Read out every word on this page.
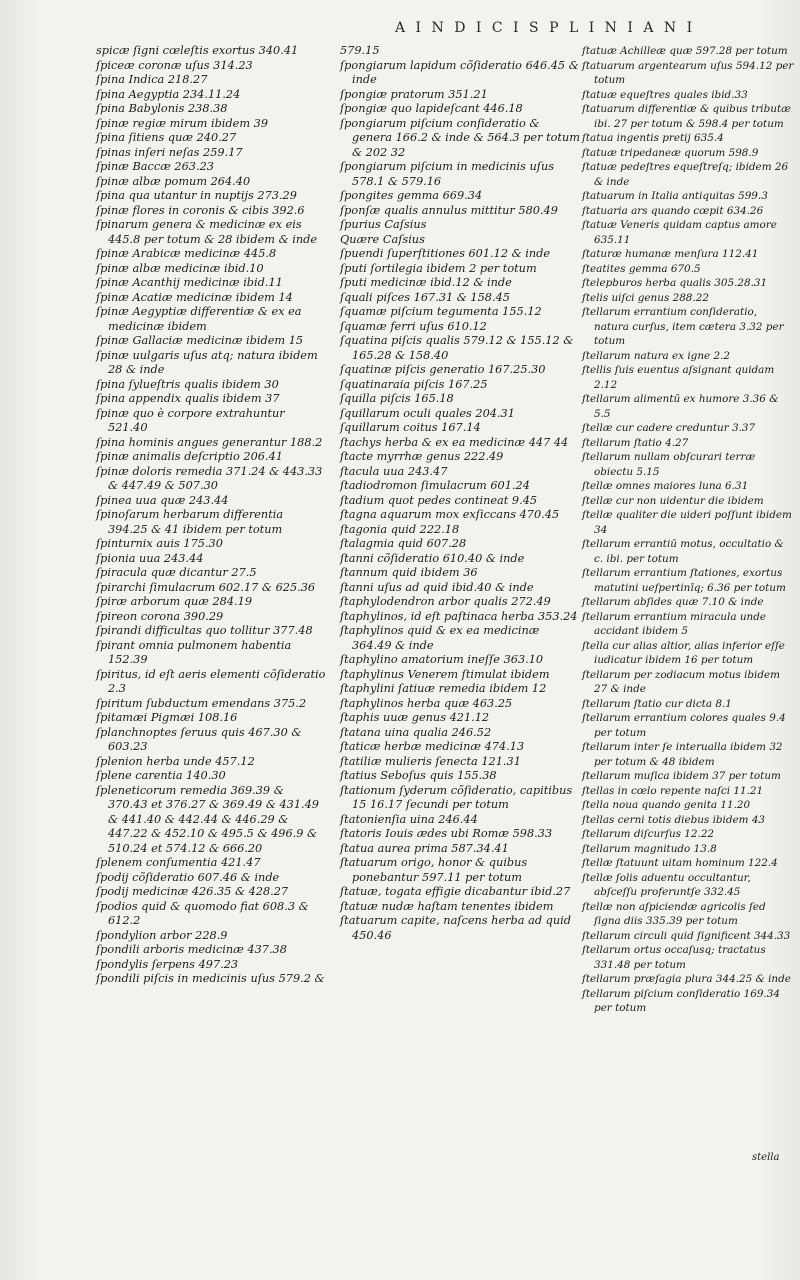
A I N D I C I S P L I N I A N I

spicæ ſigni cœleſtis exortus 340.41

ſpiceæ coronæ uſus 314.23

ſpina Indica 218.27

ſpina Aegyptia 234.11.24

ſpina Babylonis 238.38

ſpinæ regiæ mirum ibidem 39

ſpina ſitiens quæ 240.27

ſpinas inſeri neſas 259.17

ſpinæ Baccæ 263.23

ſpinæ albæ pomum 264.40

ſpina qua utantur in nuptijs 273.29

ſpinæ flores in coronis & cibis 392.6

ſpinarum genera & medicinæ ex eis 445.8 per totum & 28 ibidem & inde

ſpinæ Arabicæ medicinæ 445.8

ſpinæ albæ medicinæ ibid.10

ſpinæ Acanthij medicinæ ibid.11

ſpinæ Acatiæ medicinæ ibidem 14

ſpinæ Aegyptiæ differentiæ & ex ea medicinæ ibidem

ſpinæ Gallaciæ medicinæ ibidem 15

ſpinæ uulgaris uſus atq; natura ibidem 28 & inde

ſpina ſylueſtris qualis ibidem 30

ſpina appendix qualis ibidem 37

ſpinæ quo è corpore extrahuntur 521.40

ſpina hominis angues generantur 188.2

ſpinæ animalis deſcriptio 206.41

ſpinæ doloris remedia 371.24 & 443.33 & 447.49 & 507.30

ſpinea uua quæ 243.44

ſpinoſarum herbarum differentia 394.25 & 41 ibidem per totum

ſpinturnix auis 175.30

ſpionia uua 243.44

ſpiracula quæ dicantur 27.5

ſpirarchi ſimulacrum 602.17 & 625.36

ſpiræ arborum quæ 284.19

ſpireon corona 390.29

ſpirandi difficultas quo tollitur 377.48

ſpirant omnia pulmonem habentia 152.39

ſpiritus, id eſt aeris elementi cõſideratio 2.3

ſpiritum ſubductum emendans 375.2

ſpitamæi Pigmæi 108.16

ſplanchnoptes ſeruus quis 467.30 & 603.23

ſplenion herba unde 457.12

ſplene carentia 140.30

ſpleneticorum remedia 369.39 & 370.43 et 376.27 & 369.49 & 431.49 & 441.40 & 442.44 & 446.29 & 447.22 & 452.10 & 495.5 & 496.9 & 510.24 et 574.12 & 666.20

ſplenem conſumentia 421.47

ſpodij cõſideratio 607.46 & inde

ſpodij medicinæ 426.35 & 428.27

ſpodios quid & quomodo fiat 608.3 & 612.2

ſpondylion arbor 228.9

ſpondili arboris medicinæ 437.38

ſpondylis ſerpens 497.23

ſpondili piſcis in medicinis uſus 579.2 &

579.15

ſpongiarum lapidum cõſideratio 646.45 & inde

ſpongiæ pratorum 351.21

ſpongiæ quo lapideſcant 446.18

ſpongiarum piſcium conſideratio & genera 166.2 & inde & 564.3 per totum & 202 32

ſpongiarum piſcium in medicinis uſus 578.1 & 579.16

ſpongites gemma 669.34

ſponſæ qualis annulus mittitur 580.49

ſpurius Caſsius

Quære Caſsius

ſpuendi ſuperſtitiones 601.12 & inde

ſputi ſortilegia ibidem 2 per totum

ſputi medicinæ ibid.12 & inde

ſquali piſces 167.31 & 158.45

ſquamæ piſcium tegumenta 155.12

ſquamæ ferri uſus 610.12

ſquatina piſcis qualis 579.12 & 155.12 & 165.28 & 158.40

ſquatinæ piſcis generatio 167.25.30

ſquatinaraia piſcis 167.25

ſquilla piſcis 165.18

ſquillarum oculi quales 204.31

ſquillarum coitus 167.14

ſtachys herba & ex ea medicinæ 447 44

ſtacte myrrhæ genus 222.49

ſtacula uua 243.47

ſtadiodromon ſimulacrum 601.24

ſtadium quot pedes contineat 9.45

ſtagna aquarum mox exſiccans 470.45

ſtagonia quid 222.18

ſtalagmia quid 607.28

ſtanni cõſideratio 610.40 & inde

ſtannum quid ibidem 36

ſtanni uſus ad quid ibid.40 & inde

ſtaphylodendron arbor qualis 272.49

ſtaphylinos, id eſt paſtinaca herba 353.24

ſtaphylinos quid & ex ea medicinæ 364.49 & inde

ſtaphylino amatorium ineſſe 363.10

ſtaphylinus Venerem ſtimulat ibidem

ſtaphylini ſatiuæ remedia ibidem 12

ſtaphylinos herba quæ 463.25

ſtaphis uuæ genus 421.12

ſtatana uina qualia 246.52

ſtaticæ herbæ medicinæ 474.13

ſtatiliæ mulieris ſenecta 121.31

ſtatius Seboſus quis 155.38

ſtationum ſyderum cõſideratio, capitibus 15 16.17 ſecundi per totum

ſtatonienſia uina 246.44

ſtatoris Iouis ædes ubi Romæ 598.33

ſtatua aurea prima 587.34.41

ſtatuarum origo, honor & quibus ponebantur 597.11 per totum

ſtatuæ, togata effigie dicabantur ibid.27

ſtatuæ nudæ haſtam tenentes ibidem

ſtatuarum capite, naſcens herba ad quid 450.46

ſtatuæ Achilleæ quæ 597.28 per totum

ſtatuarum argentearum uſus 594.12 per totum

ſtatuæ equeſtres quales ibid.33

ſtatuarum differentiæ & quibus tributæ ibi. 27 per totum & 598.4 per totum

ſtatua ingentis pretij 635.4

ſtatuæ tripedaneæ quorum 598.9

ſtatuæ pedeſtres equeſtreſq; ibidem 26 & inde

ſtatuarum in Italia antiquitas 599.3

ſtatuaria ars quando cœpit 634.26

ſtatuæ Veneris quidam captus amore 635.11

ſtaturæ humanæ menſura 112.41

ſteatites gemma 670.5

ſtelepburos herba qualis 305.28.31

ſtelis uiſci genus 288.22

ſtellarum errantium conſideratio, natura curſus, item cætera 3.32 per totum

ſtellarum natura ex igne 2.2

ſtellis ſuis euentus aſsignant quidam 2.12

ſtellarum alimentū ex humore 3.36 & 5.5

ſtellæ cur cadere creduntur 3.37

ſtellarum ſtatio 4.27

ſtellarum nullam obſcurari terræ obiectu 5.15

ſtellæ omnes maiores luna 6.31

ſtellæ cur non uidentur die ibidem

ſtellæ qualiter die uideri poſſunt ibidem 34

ſtellarum errantiū motus, occultatio & c. ibi. per totum

ſtellarum errantium ſtationes, exortus matutini ueſpertinīq; 6.36 per totum

ſtellarum abſides quæ 7.10 & inde

ſtellarum errantium miracula unde accidant ibidem 5

ſtella cur alias altior, alias inferior eſſe iudicatur ibidem 16 per totum

ſtellarum per zodiacum motus ibidem 27 & inde

ſtellarum ſtatio cur dicta 8.1

ſtellarum errantium colores quales 9.4 per totum

ſtellarum inter ſe interualla ibidem 32 per totum & 48 ibidem

ſtellarum muſica ibidem 37 per totum

ſtellas in cœlo repente naſci 11.21

ſtella noua quando genita 11.20

ſtellas cerni totis diebus ibidem 43

ſtellarum diſcurſus 12.22

ſtellarum magnitudo 13.8

ſtellæ ſtatuunt uitam hominum 122.4

ſtellæ ſolis aduentu occultantur, abſceſſu proferuntſe 332.45

ſtellæ non aſpiciendæ agricolis ſed ſigna diis 335.39 per totum

ſtellarum circuli quid ſignificent 344.33

ſtellarum ortus occaſusq; tractatus 331.48 per totum

ſtellarum præſagia plura 344.25 & inde

ſtellarum piſcium conſideratio 169.34 per totum

stella
